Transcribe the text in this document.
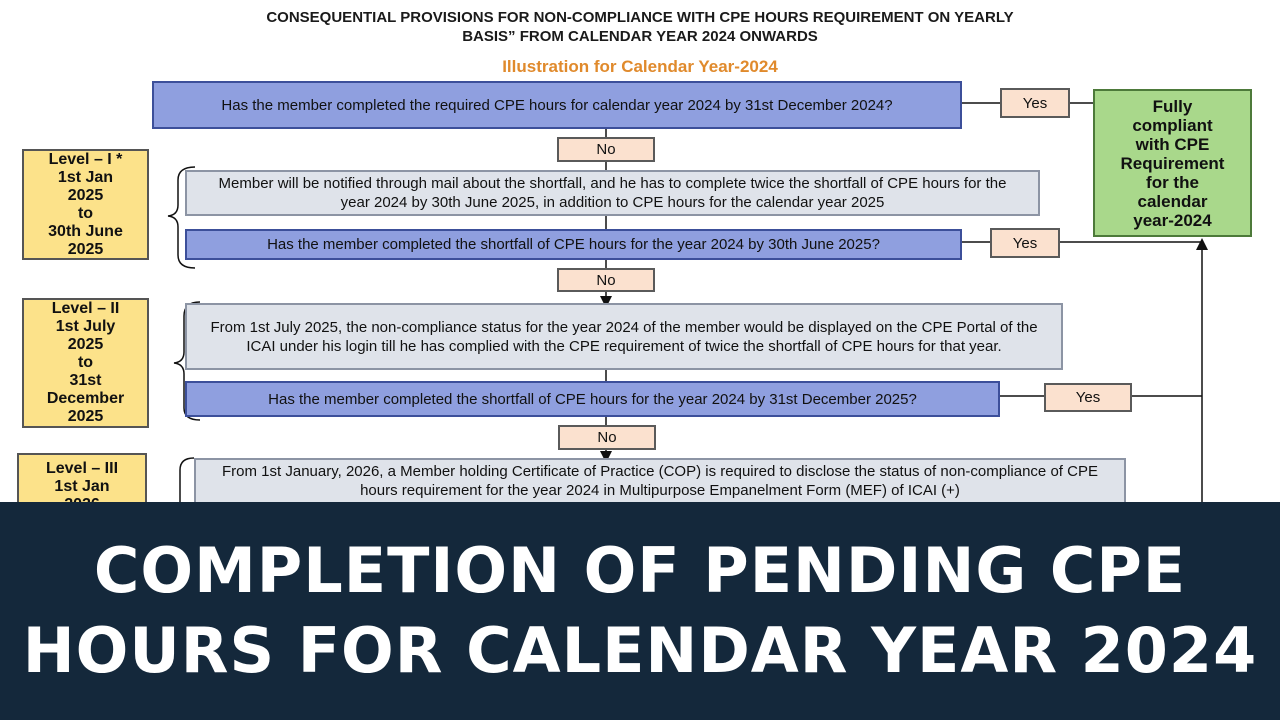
CONSEQUENTIAL PROVISIONS FOR NON-COMPLIANCE WITH CPE HOURS REQUIREMENT ON YEARLY
BASIS” FROM CALENDAR YEAR 2024 ONWARDS
Illustration for Calendar Year-2024
Has the member completed the required CPE hours for calendar year 2024 by 31st December 2024?	Yes	Fully
compliant
with CPE
Requirement
for the
calendar
year-2024
No
Level – I *
1st Jan
2025
to
30th June
2025
Member will be notified through mail about the shortfall, and he has to complete twice the shortfall of CPE hours for the year 2024 by 30th June 2025, in addition to CPE hours for the calendar year 2025
Has the member completed the shortfall of CPE hours for the year 2024 by 30th June 2025?	Yes
No
Level – II
1st July
2025
to
31st
December
2025
From 1st July 2025, the non-compliance status for the year 2024 of the member would be displayed on the CPE Portal of the ICAI under his login till he has complied with the CPE requirement of twice the shortfall of CPE hours for that year.
Has the member completed the shortfall of CPE hours for the year 2024 by 31st December 2025?	Yes
No
Level – III
1st Jan

From 1st January, 2026, a Member holding Certificate of Practice (COP) is required to disclose the status of non-compliance of CPE hours requirement for the year 2024 in Multipurpose Empanelment Form (MEF) of ICAI (+)
COMPLETION OF PENDING CPE
HOURS FOR CALENDAR YEAR 2024
